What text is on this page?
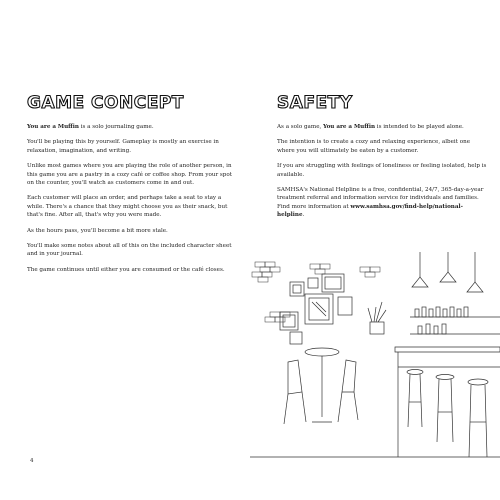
GAME CONCEPT

You are a Muffin is a solo journaling game.

You'll be playing this by yourself. Gameplay is mostly an exercise in relaxation, imagination, and writing.

Unlike most games where you are playing the role of another person, in this game you are a pastry in a cozy café or coffee shop. From your spot on the counter, you'll watch as customers come in and out.

Each customer will place an order, and perhaps take a seat to stay a while. There's a chance that they might choose you as their snack, but that's fine. After all, that's why you were made.

As the hours pass, you'll become a bit more stale.

You'll make some notes about all of this on the included character sheet and in your journal.

The game continues until either you are consumed or the café closes.

4
SAFETY

As a solo game, You are a Muffin is intended to be played alone.

The intention is to create a cozy and relaxing experience, albeit one where you will ultimately be eaten by a customer.

If you are struggling with feelings of loneliness or feeling isolated, help is available.

SAMHSA's National Helpline is a free, confidential, 24/7, 365-day-a-year treatment referral and information service for individuals and families. Find more information at www.samhsa.gov/find-help/national-helpline.
